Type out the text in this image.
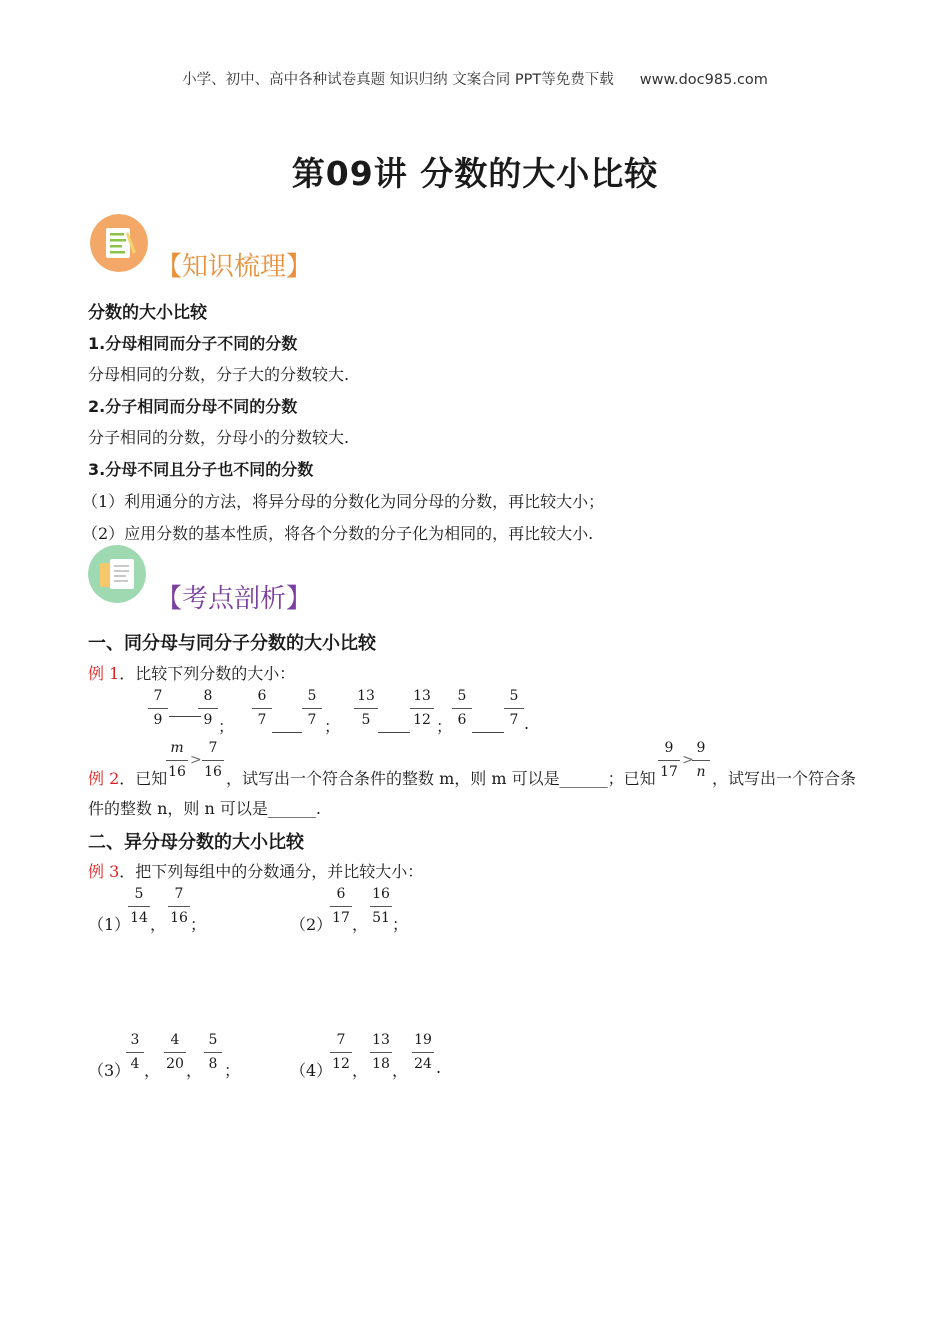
小学、初中、高中各种试卷真题 知识归纳 文案合同 PPT等免费下载 www.doc985.com
第09讲 分数的大小比较
【知识梳理】
分数的大小比较
1.分母相同而分子不同的分数
分母相同的分数，分子大的分数较大.
2.分子相同而分母不同的分数
分子相同的分数，分母小的分数较大.
3.分母不同且分子也不同的分数
（1）利用通分的方法，将异分母的分数化为同分母的分数，再比较大小；
（2）应用分数的基本性质，将各个分数的分子化为相同的，再比较大小.
【考点剖析】
一、同分母与同分子分数的大小比较
例 1．比较下列分数的大小：
7
9
8
9 ；
6
7
5
7 ；
13
5
13
12 ；
5
6
5
7 .
例 2．已知
m
16
>
7
16 ，试写出一个符合条件的整数 m，则 m 可以是______；已知
9
17
>
9
n ，试写出一个符合条
件的整数 n，则 n 可以是______.
二、异分母分数的大小比较
例 3．把下列每组中的分数通分，并比较大小：
（1）
5
14 ，
7
16 ；	（2）
6
17 ，
16
51 ；
（3）
3
4 ，
4
20 ，
5
8 ；	（4）
7
12 ，
13
18 ，
19
24 .
